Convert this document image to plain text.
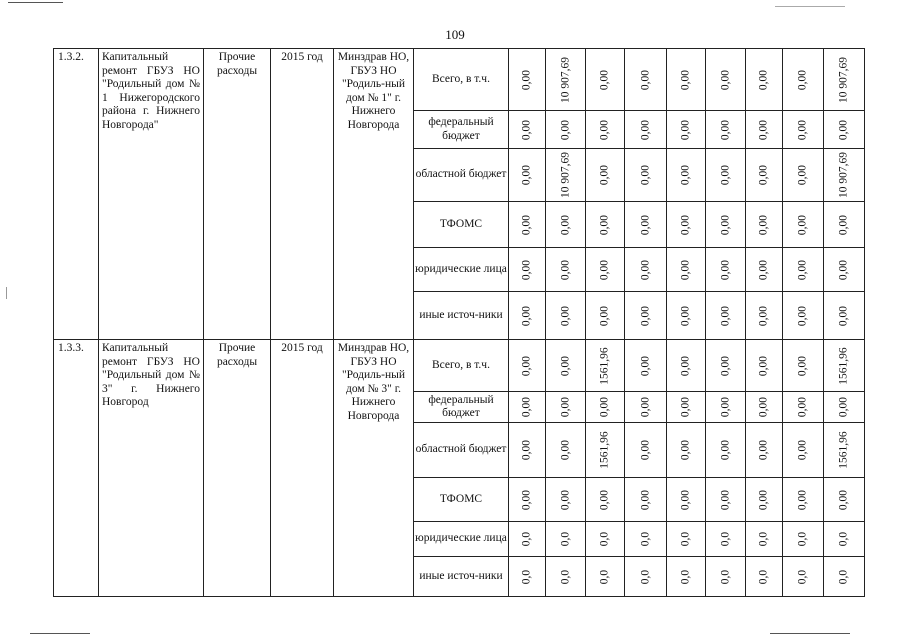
109
1.3.2.	Капитальный ремонт ГБУЗ НО "Родильный дом № 1 Нижегородского района г. Нижнего Новгорода"	Прочие расходы	2015 год	Минздрав НО, ГБУЗ НО "Родиль-ный дом № 1" г. Нижнего Новгорода	Всего, в т.ч.	0,00	10 907,69	0,00	0,00	0,00	0,00	0,00	0,00	10 907,69

					федеральный бюджет	0,00	0,00	0,00	0,00	0,00	0,00	0,00	0,00	0,00

					областной бюджет	0,00	10 907,69	0,00	0,00	0,00	0,00	0,00	0,00	10 907,69

					ТФОМС	0,00	0,00	0,00	0,00	0,00	0,00	0,00	0,00	0,00

					юридические лица	0,00	0,00	0,00	0,00	0,00	0,00	0,00	0,00	0,00

					иные источ-ники	0,00	0,00	0,00	0,00	0,00	0,00	0,00	0,00	0,00

1.3.3.	Капитальный ремонт ГБУЗ НО "Родильный дом № 3" г. Нижнего Новгород	Прочие расходы	2015 год	Минздрав НО, ГБУЗ НО "Родиль-ный дом № 3" г. Нижнего Новгорода	Всего, в т.ч.	0,00	0,00	1561,96	0,00	0,00	0,00	0,00	0,00	1561,96

					федеральный бюджет	0,00	0,00	0,00	0,00	0,00	0,00	0,00	0,00	0,00

					областной бюджет	0,00	0,00	1561,96	0,00	0,00	0,00	0,00	0,00	1561,96

					ТФОМС	0,00	0,00	0,00	0,00	0,00	0,00	0,00	0,00	0,00

					юридические лица	0,0	0,0	0,0	0,0	0,0	0,0	0,0	0,0	0,0

					иные источ-ники	0,0	0,0	0,0	0,0	0,0	0,0	0,0	0,0	0,0
